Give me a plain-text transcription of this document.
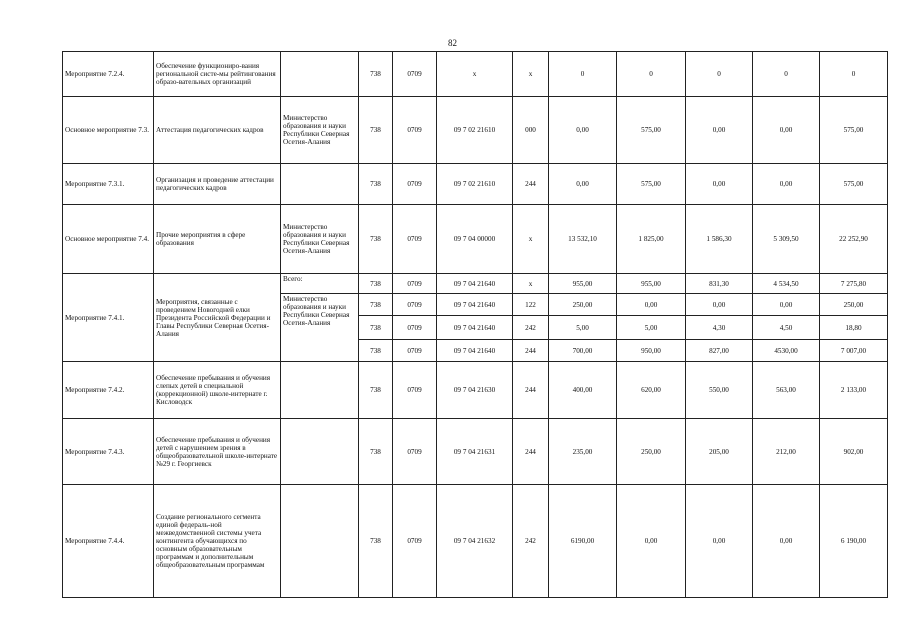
82
Мероприятие 7.2.4.	Обеспечение функциониро-вания региональной систе-мы рейтингования образо-вательных организаций		738	0709	х	х	0	0	0	0	0
Основное мероприятие 7.3.	Аттестация педагогических кадров	Министерство образования и науки Республики Северная Осетия-Алания	738	0709	09 7 02 21610	000	0,00	575,00	0,00	0,00	575,00
Мероприятие 7.3.1.	Организация и проведение аттестации педагогических кадров		738	0709	09 7 02 21610	244	0,00	575,00	0,00	0,00	575,00
Основное мероприятие 7.4.	Прочие мероприятия в сфере образования	Министерство образования и науки Республики Северная Осетия-Алания	738	0709	09 7 04 00000	х	13 532,10	1 825,00	1 586,30	5 309,50	22 252,90
Мероприятие 7.4.1.	Мероприятия, связанные с проведением Новогодней елки Президента Российской Федерации и Главы Республики Северная Осетия-Алания	Всего:	738	0709	09 7 04 21640	х	955,00	955,00	831,30	4 534,50	7 275,80
		Министерство образования и науки Республики Северная Осетия-Алания	738	0709	09 7 04 21640	122	250,00	0,00	0,00	0,00	250,00
			738	0709	09 7 04 21640	242	5,00	5,00	4,30	4,50	18,80
			738	0709	09 7 04 21640	244	700,00	950,00	827,00	4530,00	7 007,00
Мероприятие 7.4.2.	Обеспечение пребывания и обучения слепых детей в специальной (коррекционной) школе-интернате г. Кисловодск		738	0709	09 7 04 21630	244	400,00	620,00	550,00	563,00	2 133,00
Мероприятие 7.4.3.	Обеспечение пребывания и обучения детей с нарушением зрения в общеобразовательной школе-интернате №29 г. Георгиевск		738	0709	09 7 04 21631	244	235,00	250,00	205,00	212,00	902,00
Мероприятие 7.4.4.	Создание регионального сегмента единой федераль-ной межведомственной системы учета контингента обучающихся по основным образовательным программам и дополнительным общеобразовательным программам		738	0709	09 7 04 21632	242	6190,00	0,00	0,00	0,00	6 190,00
